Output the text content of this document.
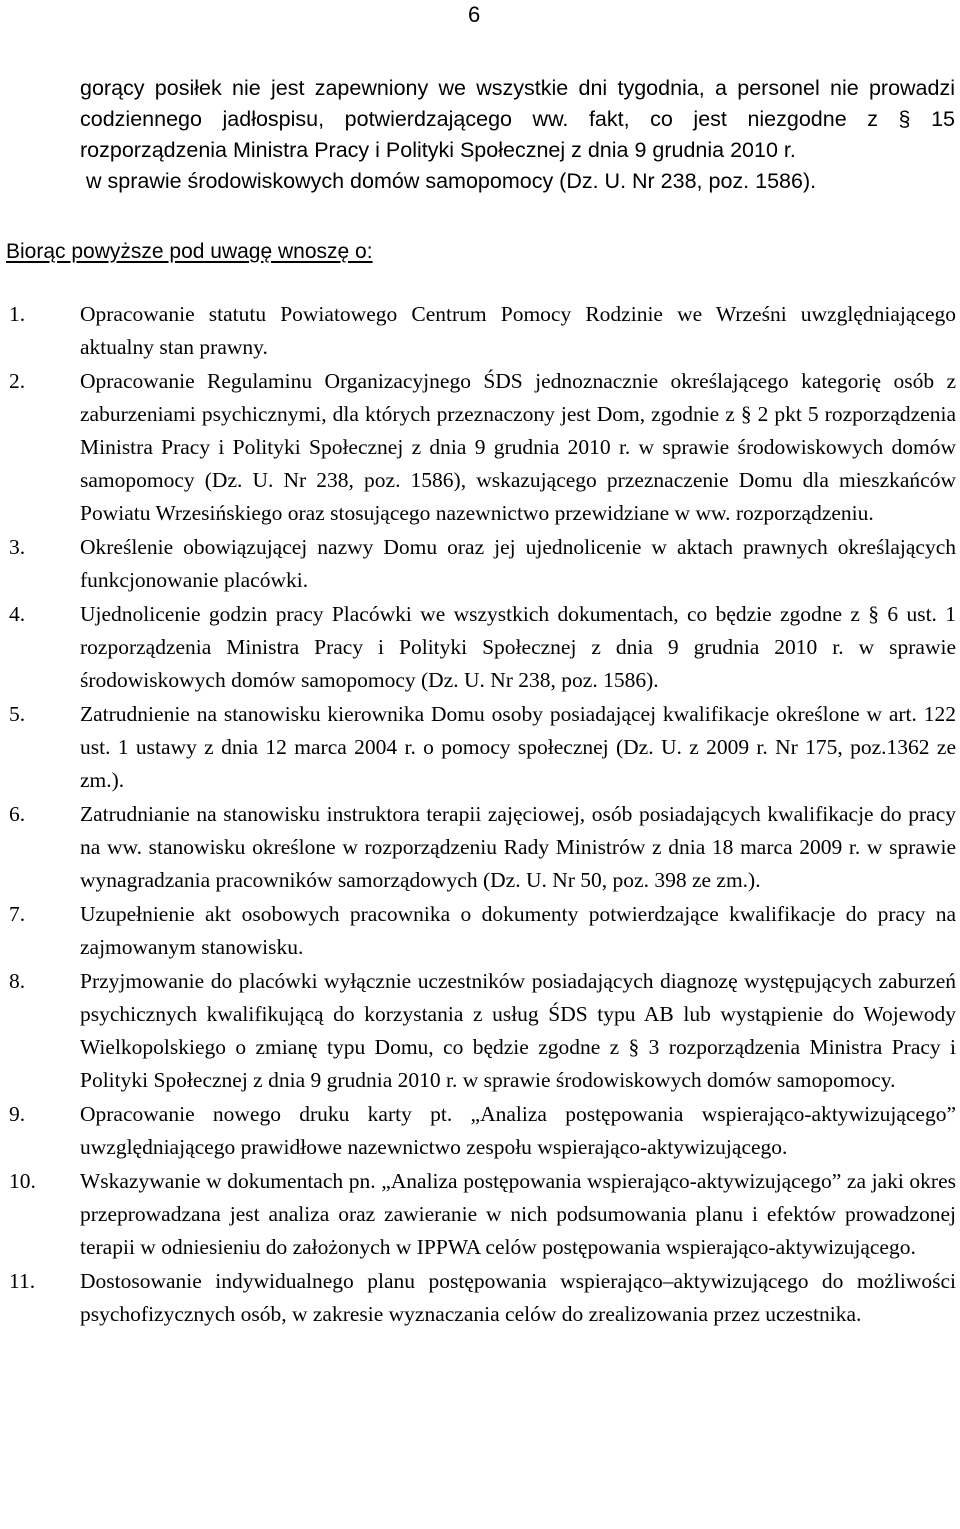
6

gorący posiłek nie jest zapewniony we wszystkie dni tygodnia, a personel nie prowadzi codziennego jadłospisu, potwierdzającego ww. fakt, co jest niezgodne z § 15 rozporządzenia Ministra Pracy i Polityki Społecznej z dnia 9 grudnia 2010 r.

w sprawie środowiskowych domów samopomocy (Dz. U. Nr 238, poz. 1586).

Biorąc powyższe pod uwagę wnoszę o:
1.	Opracowanie statutu Powiatowego Centrum Pomocy Rodzinie we Wrześni uwzględniającego aktualny stan prawny.
2.	Opracowanie Regulaminu Organizacyjnego ŚDS jednoznacznie określającego kategorię osób z zaburzeniami psychicznymi, dla których przeznaczony jest Dom, zgodnie z § 2 pkt 5 rozporządzenia Ministra Pracy i Polityki Społecznej z dnia 9 grudnia 2010 r. w sprawie środowiskowych domów samopomocy (Dz. U. Nr 238, poz. 1586), wskazującego przeznaczenie Domu dla mieszkańców Powiatu Wrzesińskiego oraz stosującego nazewnictwo przewidziane w ww. rozporządzeniu.
3.	Określenie obowiązującej nazwy Domu oraz jej ujednolicenie w aktach prawnych określających funkcjonowanie placówki.
4.	Ujednolicenie godzin pracy Placówki we wszystkich dokumentach, co będzie zgodne z § 6 ust. 1 rozporządzenia Ministra Pracy i Polityki Społecznej z dnia 9 grudnia 2010 r. w sprawie środowiskowych domów samopomocy (Dz. U. Nr 238, poz. 1586).
5.	Zatrudnienie na stanowisku kierownika Domu osoby posiadającej kwalifikacje określone w art. 122 ust. 1 ustawy z dnia 12 marca 2004 r. o pomocy społecznej (Dz. U. z 2009 r. Nr 175, poz.1362 ze zm.).
6.	Zatrudnianie na stanowisku instruktora terapii zajęciowej, osób posiadających kwalifikacje do pracy na ww. stanowisku określone w rozporządzeniu Rady Ministrów z dnia 18 marca 2009 r. w sprawie wynagradzania pracowników samorządowych (Dz. U. Nr 50, poz. 398 ze zm.).
7.	Uzupełnienie akt osobowych pracownika o dokumenty potwierdzające kwalifikacje do pracy na zajmowanym stanowisku.
8.	Przyjmowanie do placówki wyłącznie uczestników posiadających diagnozę występujących zaburzeń psychicznych kwalifikującą do korzystania z usług ŚDS typu AB lub wystąpienie do Wojewody Wielkopolskiego o zmianę typu Domu, co będzie zgodne z § 3 rozporządzenia Ministra Pracy i Polityki Społecznej z dnia 9 grudnia 2010 r. w sprawie środowiskowych domów samopomocy.
9.	Opracowanie nowego druku karty pt. „Analiza postępowania wspierająco-aktywizującego” uwzględniającego prawidłowe nazewnictwo zespołu wspierająco-aktywizującego.
10.	Wskazywanie w dokumentach pn. „Analiza postępowania wspierająco-aktywizującego” za jaki okres przeprowadzana jest analiza oraz zawieranie w nich podsumowania planu i efektów prowadzonej terapii w odniesieniu do założonych w IPPWA celów postępowania wspierająco-aktywizującego.
11.	Dostosowanie indywidualnego planu postępowania wspierająco–aktywizującego do możliwości psychofizycznych osób, w zakresie wyznaczania celów do zrealizowania przez uczestnika.
